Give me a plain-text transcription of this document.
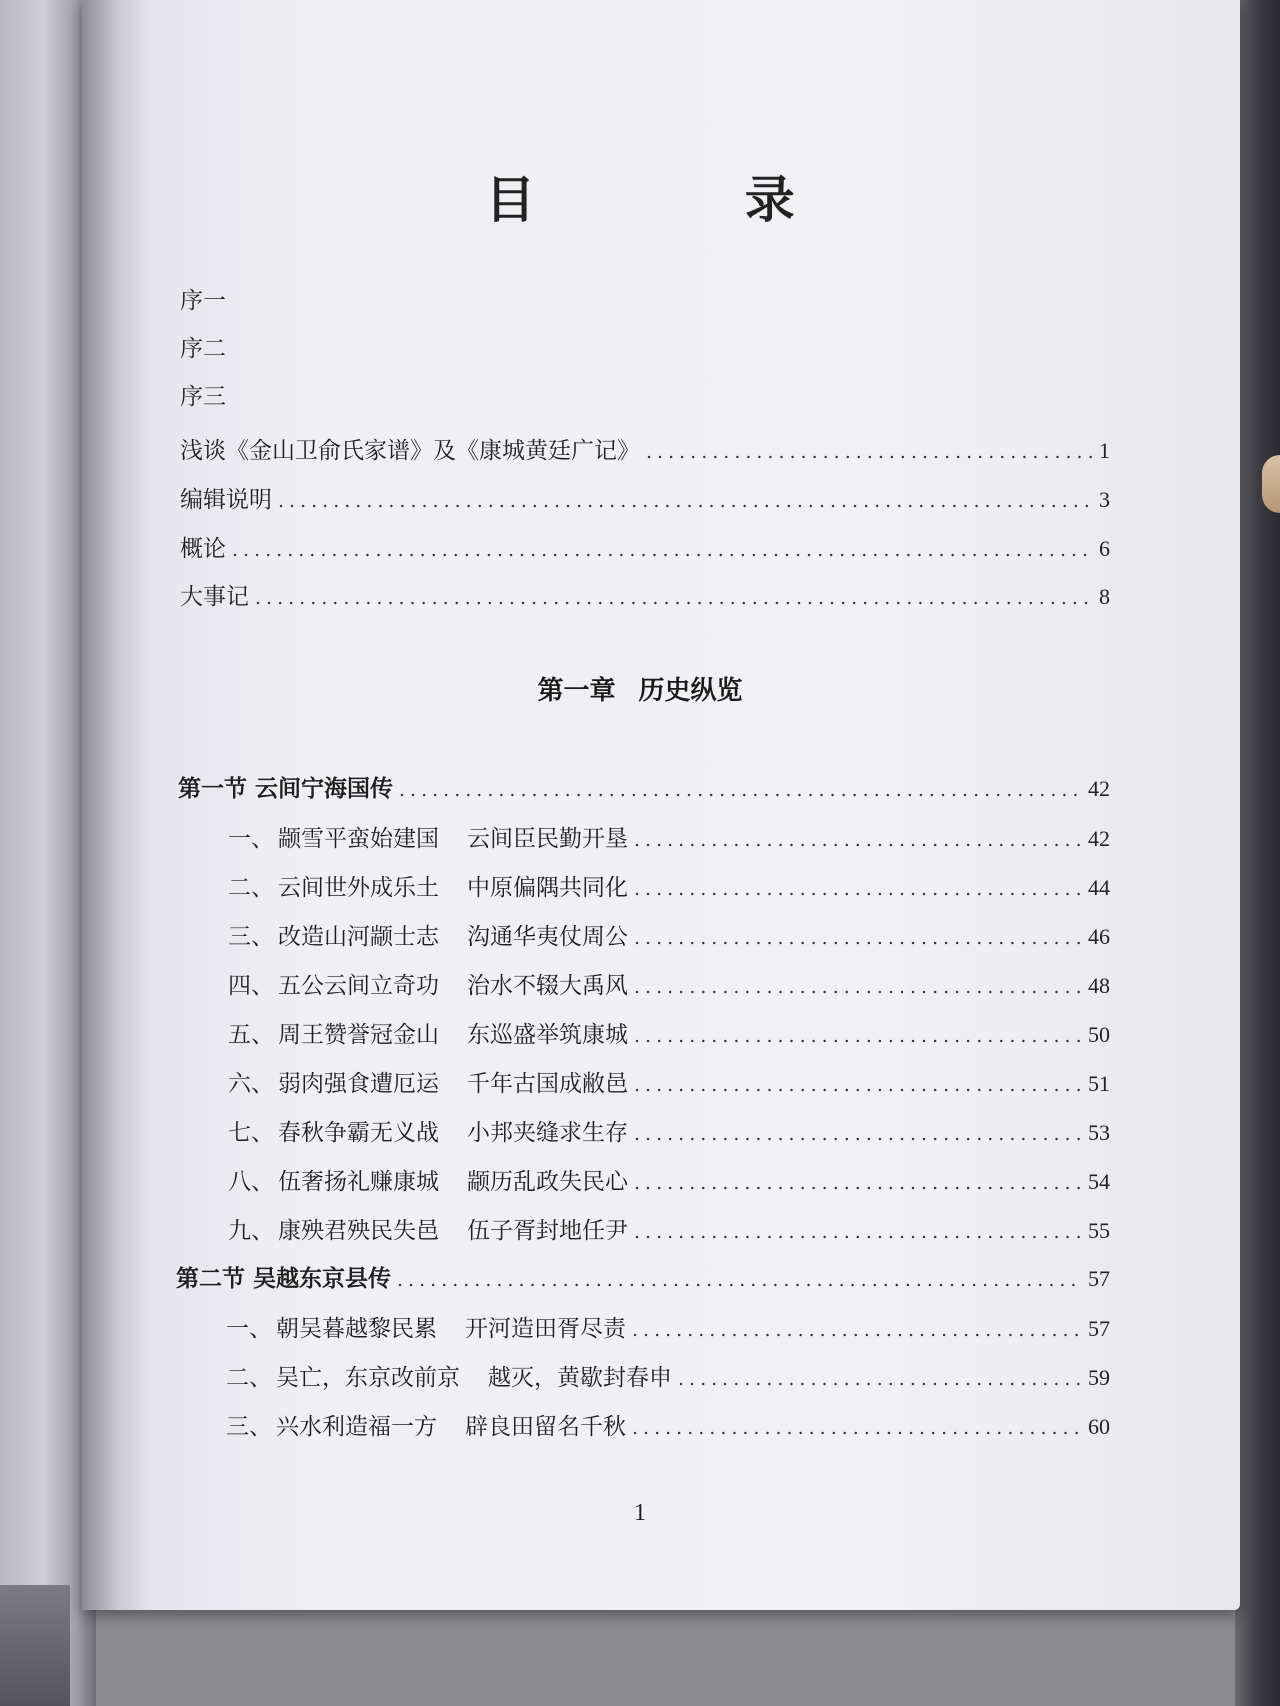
目 录
序一
序二
序三
浅谈《金山卫俞氏家谱》及《康城黄廷广记》 .....	1
编辑说明 .....	3
概论 .....	6
大事记 .....	8
第一章 历史纵览
第一节 云间宁海国传 .....	42
一、 颛雪平蛮始建国 云间臣民勤开垦 .....	42
二、 云间世外成乐土 中原偏隅共同化 .....	44
三、 改造山河颛士志 沟通华夷仗周公 .....	46
四、 五公云间立奇功 治水不辍大禹风 .....	48
五、 周王赞誉冠金山 东巡盛举筑康城 .....	50
六、 弱肉强食遭厄运 千年古国成敝邑 .....	51
七、 春秋争霸无义战 小邦夹缝求生存 .....	53
八、 伍奢扬礼赚康城 颛历乱政失民心 .....	54
九、 康殃君殃民失邑 伍子胥封地任尹 .....	55
第二节 吴越东京县传 .....	57
一、 朝吴暮越黎民累 开河造田胥尽责 .....	57
二、 吴亡，东京改前京 越灭，黄歇封春申 .....	59
三、 兴水利造福一方 辟良田留名千秋 .....	60
1
